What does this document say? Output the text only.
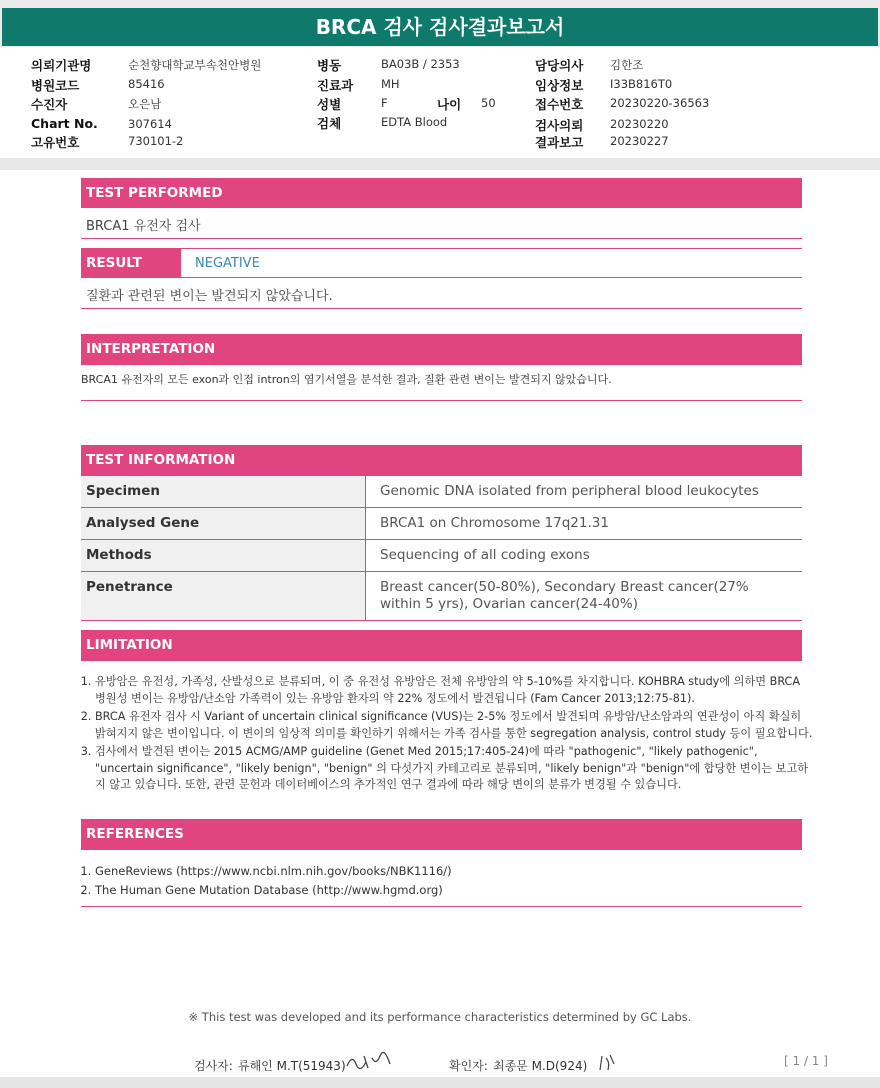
BRCA 검사 검사결과보고서
의뢰기관명	순천향대학교부속천안병원
병원코드	85416
수진자	오은남
Chart No.	307614
고유번호	730101-2
병동	BA03B / 2353
진료과 MH
성별	F	나이 50
검체	EDTA Blood
담당의사 김한조
임상정보 I33B816T0
접수번호 20230220-36563
검사의뢰 20230220
결과보고 20230227
TEST PERFORMED
BRCA1 유전자 검사
RESULT	NEGATIVE
질환과 관련된 변이는 발견되지 않았습니다.
INTERPRETATION
BRCA1 유전자의 모든 exon과 인접 intron의 염기서열을 분석한 결과, 질환 관련 변이는 발견되지 않았습니다.
TEST INFORMATION
Specimen	Genomic DNA isolated from peripheral blood leukocytes
Analysed Gene	BRCA1 on Chromosome 17q21.31
Methods	Sequencing of all coding exons
Penetrance	Breast cancer(50-80%), Secondary Breast cancer(27% within 5 yrs), Ovarian cancer(24-40%)
LIMITATION
1. 유방암은 유전성, 가족성, 산발성으로 분류되며, 이 중 유전성 유방암은 전체 유방암의 약 5-10%를 차지합니다. KOHBRA study에 의하면 BRCA 병원성 변이는 유방암/난소암 가족력이 있는 유방암 환자의 약 22% 정도에서 발견됩니다 (Fam Cancer 2013;12:75-81).
2. BRCA 유전자 검사 시 Variant of uncertain clinical significance (VUS)는 2-5% 정도에서 발견되며 유방암/난소암과의 연관성이 아직 확실히 밝혀지지 않은 변이입니다. 이 변이의 임상적 의미를 확인하기 위해서는 가족 검사를 통한 segregation analysis, control study 등이 필요합니다.
3. 검사에서 발견된 변이는 2015 ACMG/AMP guideline (Genet Med 2015;17:405-24)에 따라 "pathogenic", "likely pathogenic", "uncertain significance", "likely benign", "benign" 의 다섯가지 카테고리로 분류되며, "likely benign"과 "benign"에 합당한 변이는 보고하지 않고 있습니다. 또한, 관련 문헌과 데이터베이스의 추가적인 연구 결과에 따라 해당 변이의 분류가 변경될 수 있습니다.
REFERENCES
1. GeneReviews (https://www.ncbi.nlm.nih.gov/books/NBK1116/)
2. The Human Gene Mutation Database (http://www.hgmd.org)
※ This test was developed and its performance characteristics determined by GC Labs.
검사자: 류해인 M.T(51943)	확인자: 최종문 M.D(924)	[ 1 / 1 ]
